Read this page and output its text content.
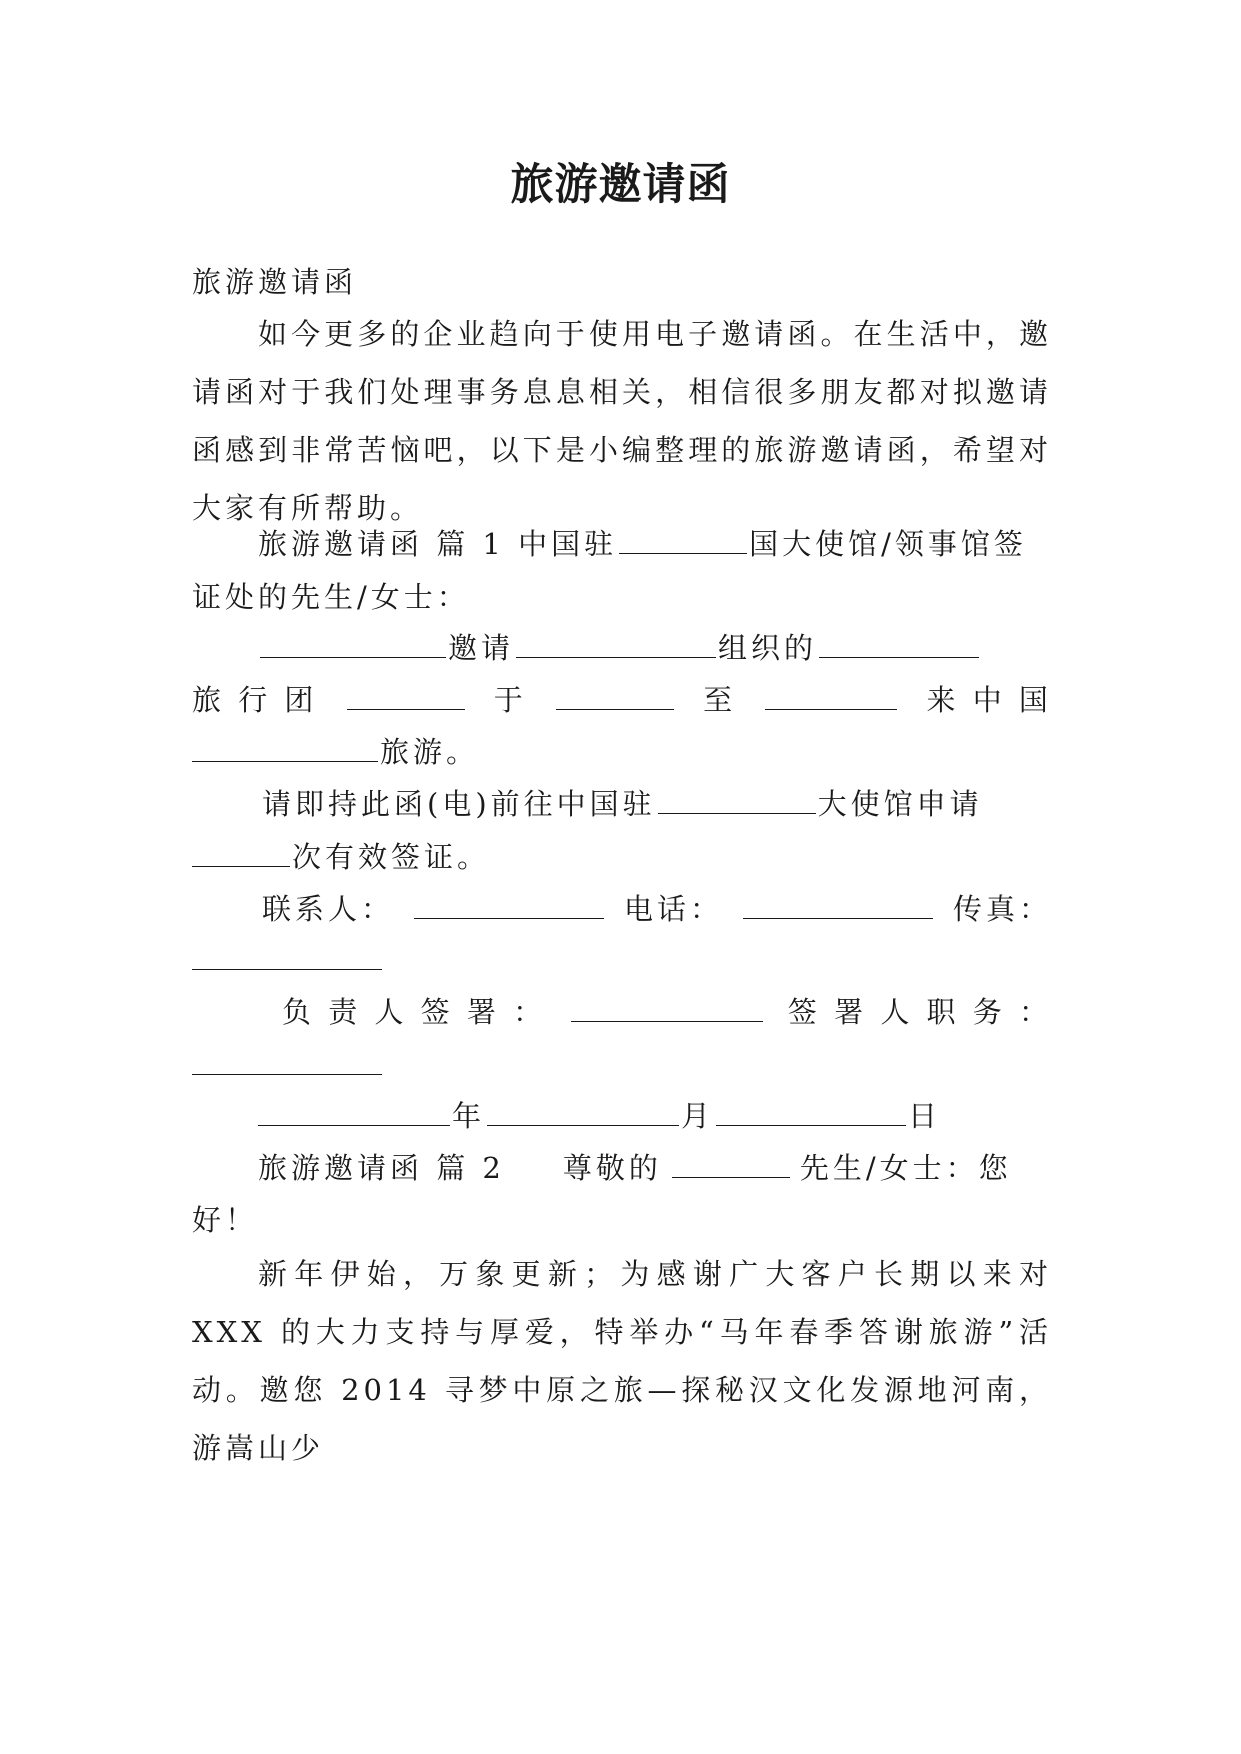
旅游邀请函
旅游邀请函
如今更多的企业趋向于使用电子邀请函。在生活中，邀请函对于我们处理事务息息相关，相信很多朋友都对拟邀请函感到非常苦恼吧，以下是小编整理的旅游邀请函，希望对大家有所帮助。
旅游邀请函 篇 1 中国驻	国大使馆/领事馆签
证处的先生/女士：
邀请	组织的
旅 行 团	于	至	来 中 国
旅游。
请即持此函(电)前往中国驻	大使馆申请
次有效签证。
联系人：	电话：	传真：
负 责 人 签 署 ：	签 署 人 职 务 ：
年	月	日
旅游邀请函 篇 2 尊敬的	先生/女士：您
好！
新年伊始，万象更新；为感谢广大客户长期以来对 XXX 的大力支持与厚爱，特举办“马年春季答谢旅游”活动。邀您 2014 寻梦中原之旅—探秘汉文化发源地河南，游嵩山少
